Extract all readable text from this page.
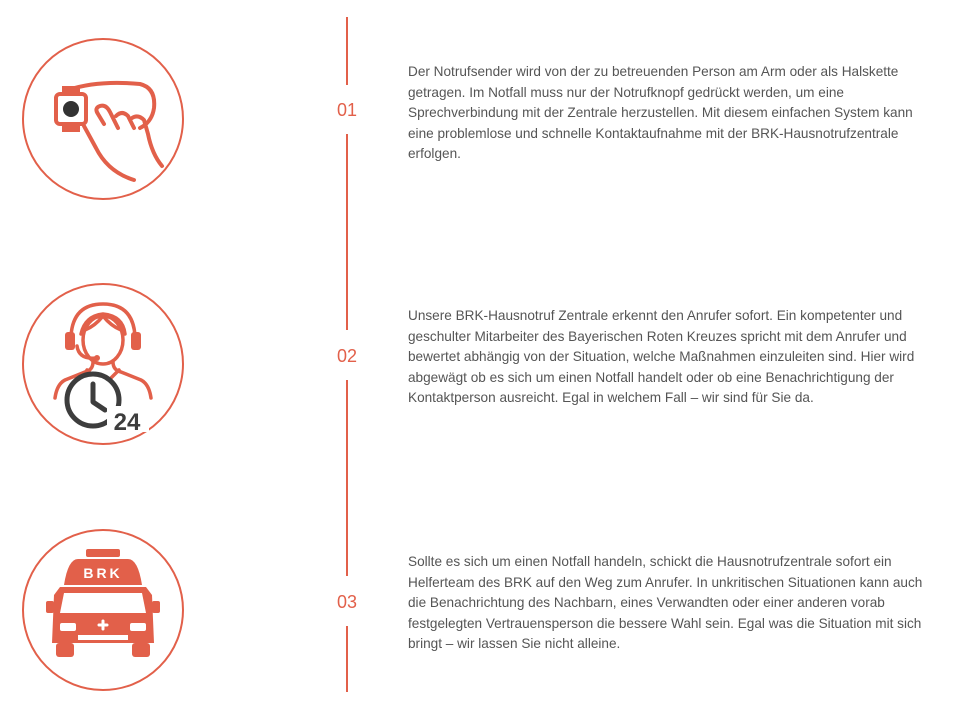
01
02
03
24
BRK

Der Notrufsender wird von der zu betreuenden Person am Arm oder als Halskette getragen. Im Notfall muss nur der Notrufknopf gedrückt werden, um eine Sprechverbindung mit der Zentrale herzustellen. Mit diesem einfachen System kann eine problemlose und schnelle Kontaktaufnahme mit der BRK-Hausnotrufzentrale erfolgen.

Unsere BRK-Hausnotruf Zentrale erkennt den Anrufer sofort. Ein kompetenter und geschulter Mitarbeiter des Bayerischen Roten Kreuzes spricht mit dem Anrufer und bewertet abhängig von der Situation, welche Maßnahmen einzuleiten sind. Hier wird abgewägt ob es sich um einen Notfall handelt oder ob eine Benachrichtigung der Kontaktperson ausreicht. Egal in welchem Fall – wir sind für Sie da.

Sollte es sich um einen Notfall handeln, schickt die Hausnotrufzentrale sofort ein Helferteam des BRK auf den Weg zum Anrufer. In unkritischen Situationen kann auch die Benachrichtung des Nachbarn, eines Verwandten oder einer anderen vorab festgelegten Vertrauensperson die bessere Wahl sein. Egal was die Situation mit sich bringt – wir lassen Sie nicht alleine.
